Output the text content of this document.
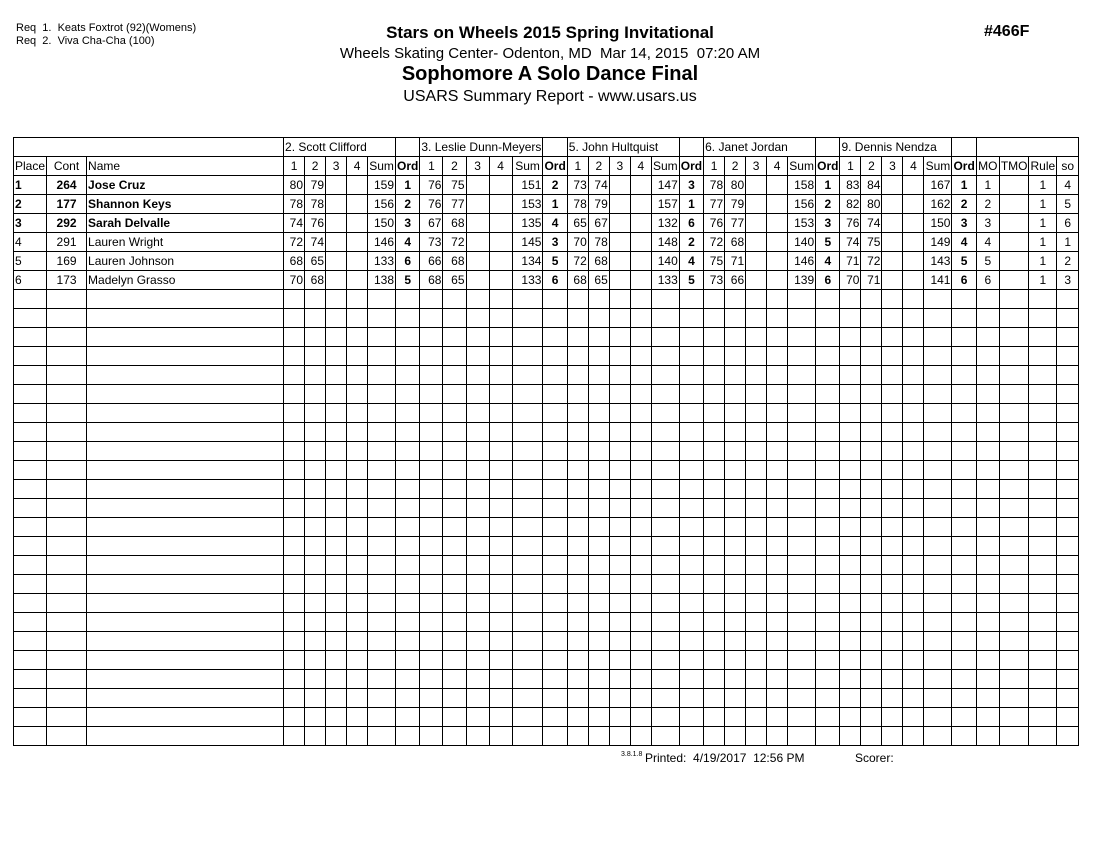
Req  1.  Keats Foxtrot (92)(Womens)
Req  2.  Viva Cha-Cha (100)
#466F
Stars on Wheels 2015 Spring Invitational
Wheels Skating Center- Odenton, MD  Mar 14, 2015  07:20 AM
Sophomore A Solo Dance Final
USARS Summary Report - www.usars.us
			2. Scott Clifford						3. Leslie Dunn-Meyers						5. John Hultquist						6. Janet Jordan						9. Dennis Nendza									
Place	Cont	Name	1	2	3	4	Sum	Ord	1	2	3	4	Sum	Ord	1	2	3	4	Sum	Ord	1	2	3	4	Sum	Ord	1	2	3	4	Sum	Ord	MO	TMO	Rule	so
1	264	Jose Cruz	80	79			159	1	76	75			151	2	73	74			147	3	78	80			158	1	83	84			167	1	1		1	4
2	177	Shannon Keys	78	78			156	2	76	77			153	1	78	79			157	1	77	79			156	2	82	80			162	2	2		1	5
3	292	Sarah Delvalle	74	76			150	3	67	68			135	4	65	67			132	6	76	77			153	3	76	74			150	3	3		1	6
4	291	Lauren Wright	72	74			146	4	73	72			145	3	70	78			148	2	72	68			140	5	74	75			149	4	4		1	1
5	169	Lauren Johnson	68	65			133	6	66	68			134	5	72	68			140	4	75	71			146	4	71	72			143	5	5		1	2
6	173	Madelyn Grasso	70	68			138	5	68	65			133	6	68	65			133	5	73	66			139	6	70	71			141	6	6		1	3

3.8.1.8 Printed: 4/19/2017  12:56 PM	Scorer:
